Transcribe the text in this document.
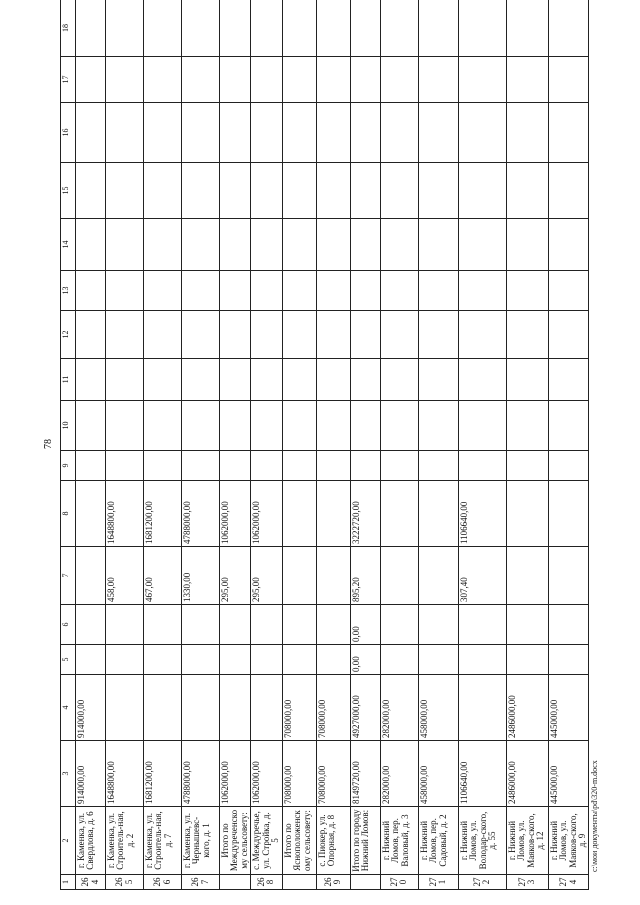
78
1	2	3	4	5	6	7	8	9	10	11	12	13	14	15	16	17	18
264	г. Каменка, ул. Свердлова, д. 6	914000,00	914000,00														
265	г. Каменка, ул. Строитель-ная, д. 2	1648800,00				458,00	1648800,00										
266	г. Каменка, ул. Строитель-ная, д. 7	1681200,00				467,00	1681200,00										
267	г. Каменка, ул. Чернышевс-кого, д. 1	4788000,00				1330,00	4788000,00										
	Итого по Междуреченскому сельсовету:	1062000,00				295,00	1062000,00										
268	с. Междуречье, ул. Стройка, д. 5	1062000,00				295,00	1062000,00										
	Итого по Ясноположенскому сельсовету:	708000,00	708000,00														
269	с. Пиокер, ул. Опорная, д. 8	708000,00	708000,00														
	Итого по городу Нижний Ломов:	8149720,00	4927000,00	0,00	0,00	895,20	3222720,00										
270	г. Нижний Ломов, пер. Валовый, д. 3	282000,00	282000,00														
271	г. Нижний Ломов, пер. Садовый, д. 2	458000,00	458000,00														
272	г. Нижний Ломов, ул. Володар-ского, д. 55	1106640,00				307,40	1106640,00										
273	г. Нижний Ломов, ул. Маяков-ского, д. 12	2486000,00	2486000,00														
274	г. Нижний Ломов, ул. Маяков-ского, д. 9	445000,00	445000,00														
c:\мои документы\pd\320-m.docx
